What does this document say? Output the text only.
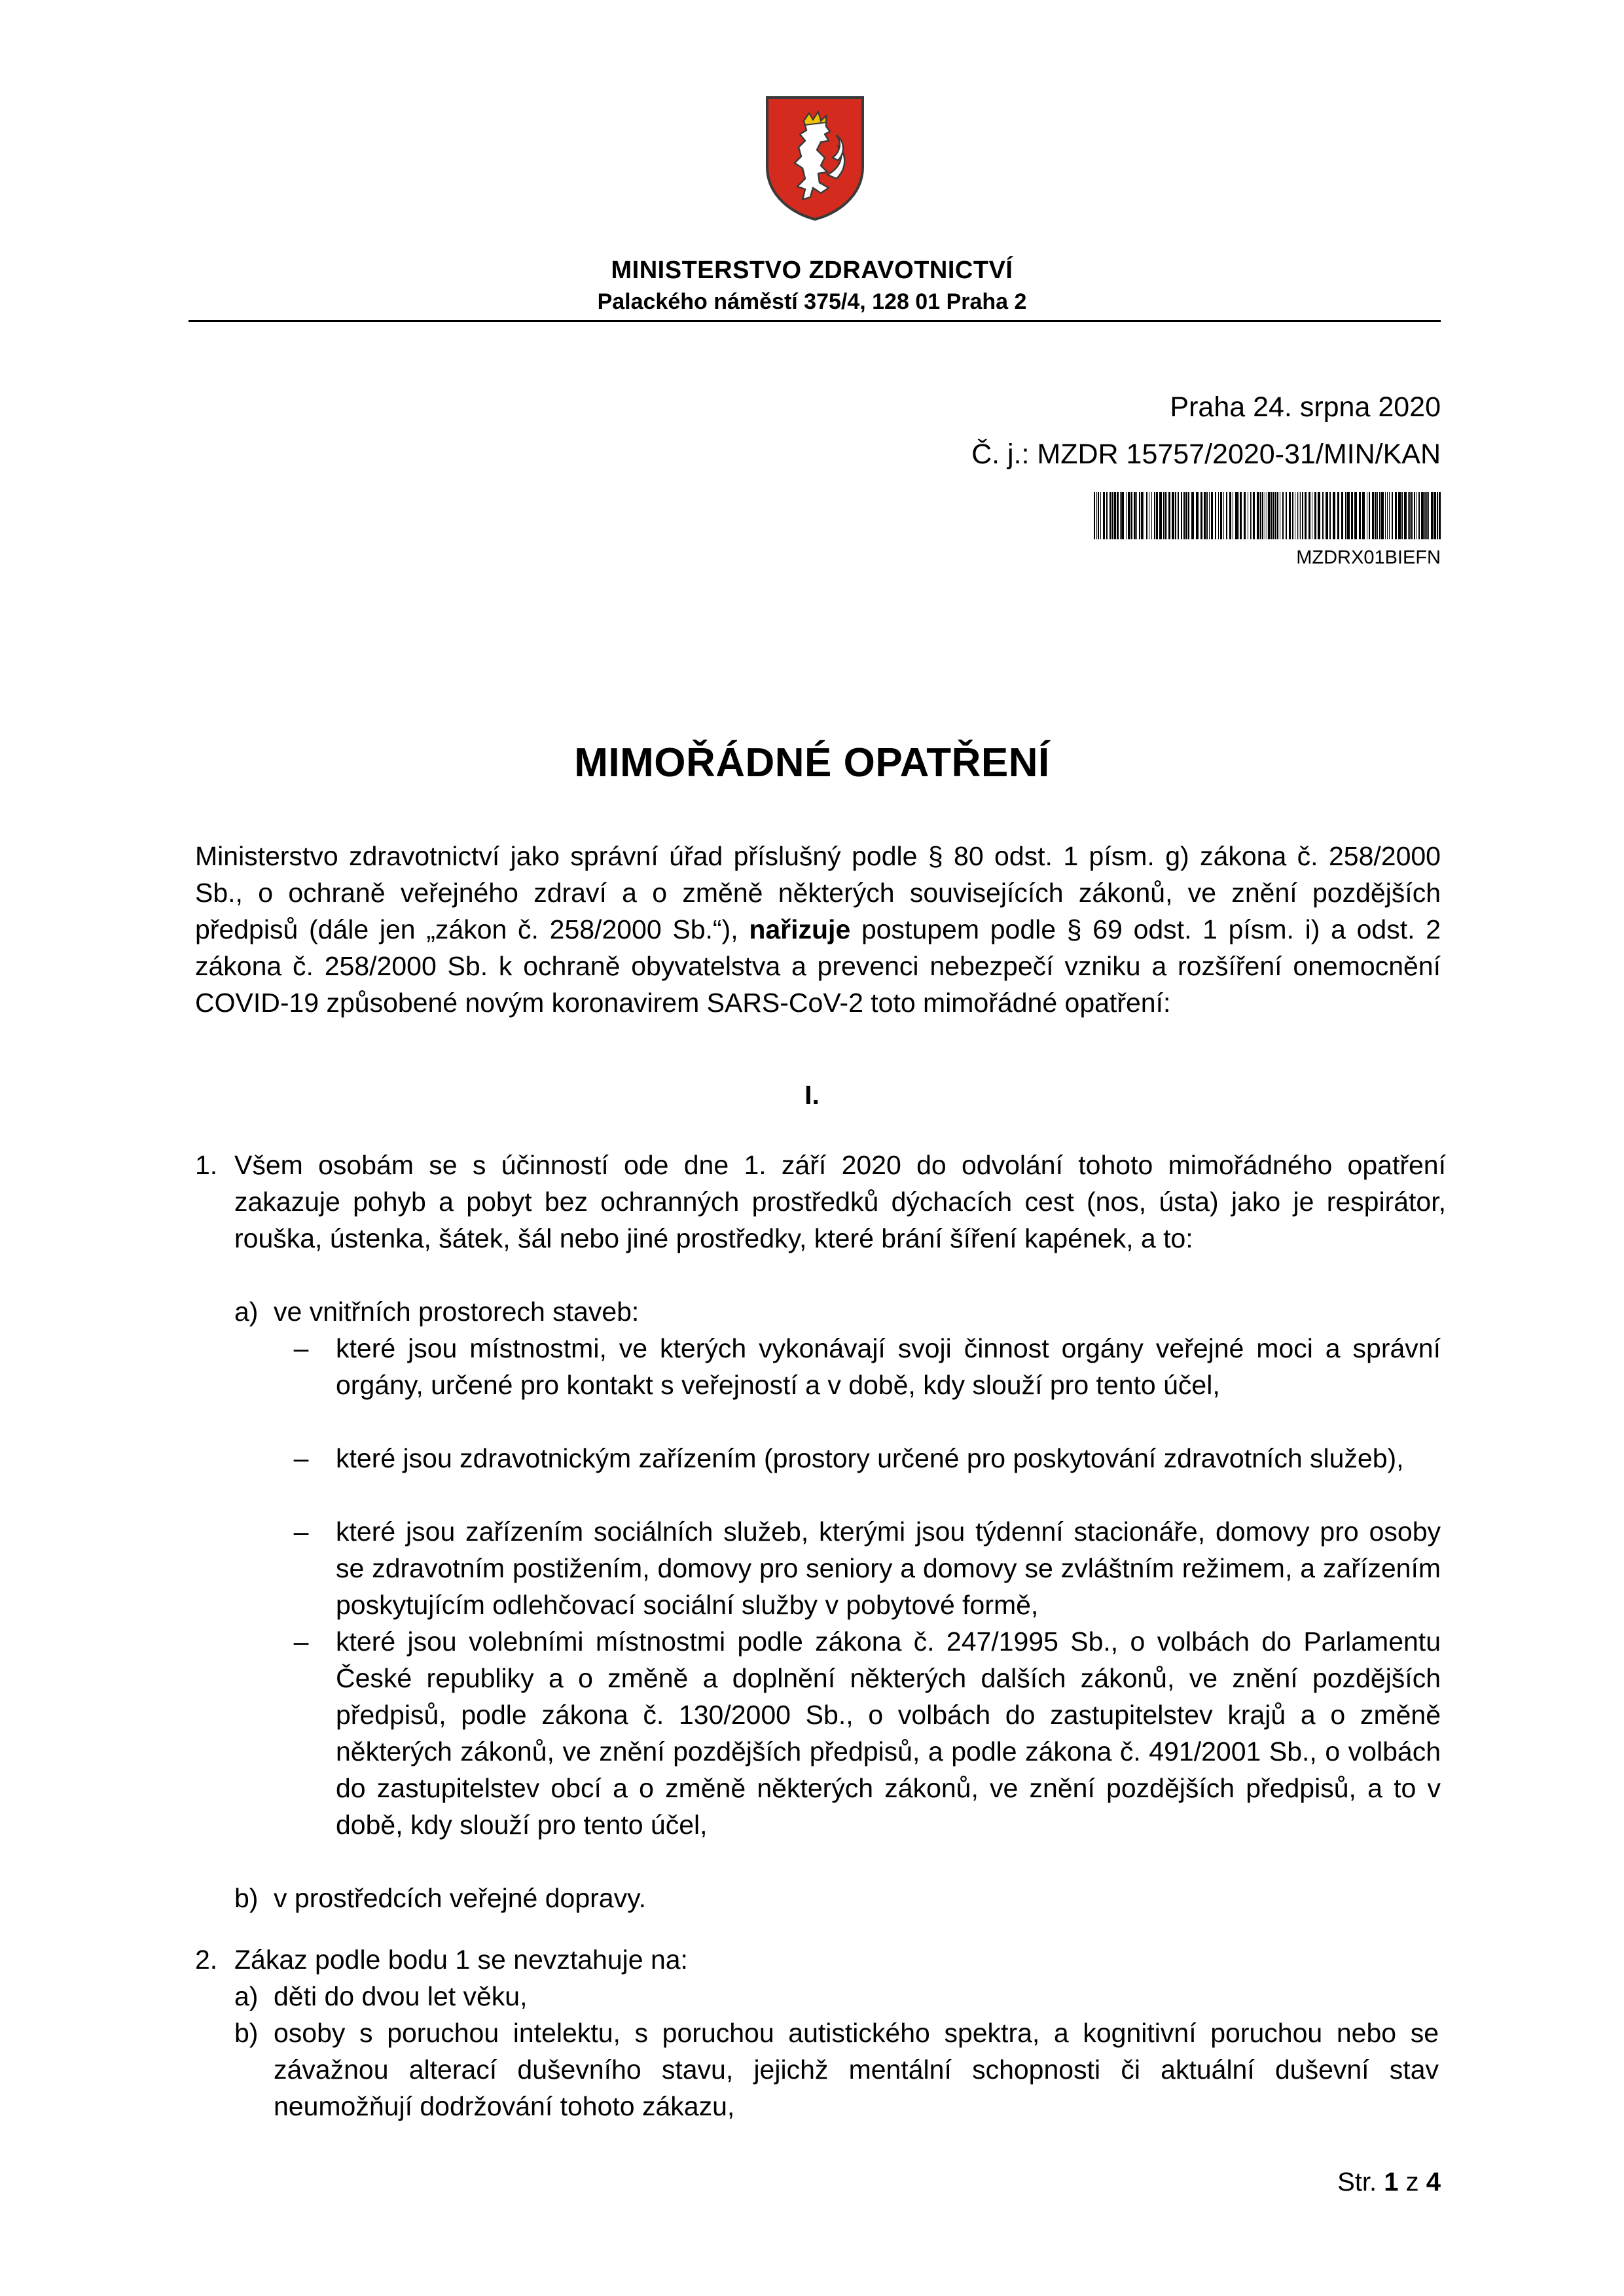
MINISTERSTVO ZDRAVOTNICTVÍ
Palackého náměstí 375/4, 128 01 Praha 2
Praha 24. srpna 2020
Č. j.: MZDR 15757/2020-31/MIN/KAN
MZDRX01BIEFN
MIMOŘÁDNÉ OPATŘENÍ
Ministerstvo zdravotnictví jako správní úřad příslušný podle § 80 odst. 1 písm. g) zákona č. 258/2000 Sb., o ochraně veřejného zdraví a o změně některých souvisejících zákonů, ve znění pozdějších předpisů (dále jen „zákon č. 258/2000 Sb.“), nařizuje postupem podle § 69 odst. 1 písm. i) a odst. 2 zákona č. 258/2000 Sb. k ochraně obyvatelstva a prevenci nebezpečí vzniku a rozšíření onemocnění COVID-19 způsobené novým koronavirem SARS-CoV-2 toto mimořádné opatření:
I.
1. Všem osobám se s účinností ode dne 1. září 2020 do odvolání tohoto mimořádného opatření zakazuje pohyb a pobyt bez ochranných prostředků dýchacích cest (nos, ústa) jako je respirátor, rouška, ústenka, šátek, šál nebo jiné prostředky, které brání šíření kapének, a to:
a) ve vnitřních prostorech staveb:
–	které jsou místnostmi, ve kterých vykonávají svoji činnost orgány veřejné moci a správní orgány, určené pro kontakt s veřejností a v době, kdy slouží pro tento účel,
–	které jsou zdravotnickým zařízením (prostory určené pro poskytování zdravotních služeb),
–	které jsou zařízením sociálních služeb, kterými jsou týdenní stacionáře, domovy pro osoby se zdravotním postižením, domovy pro seniory a domovy se zvláštním režimem, a zařízením poskytujícím odlehčovací sociální služby v pobytové formě,
–	které jsou volebními místnostmi podle zákona č. 247/1995 Sb., o volbách do Parlamentu České republiky a o změně a doplnění některých dalších zákonů, ve znění pozdějších předpisů, podle zákona č. 130/2000 Sb., o volbách do zastupitelstev krajů a o změně některých zákonů, ve znění pozdějších předpisů, a podle zákona č. 491/2001 Sb., o volbách do zastupitelstev obcí a o změně některých zákonů, ve znění pozdějších předpisů, a to v době, kdy slouží pro tento účel,
b) v prostředcích veřejné dopravy.
2. Zákaz podle bodu 1 se nevztahuje na:
a) děti do dvou let věku,
b) osoby s poruchou intelektu, s poruchou autistického spektra, a kognitivní poruchou nebo se závažnou alterací duševního stavu, jejichž mentální schopnosti či aktuální duševní stav neumožňují dodržování tohoto zákazu,
Str. 1 z 4
